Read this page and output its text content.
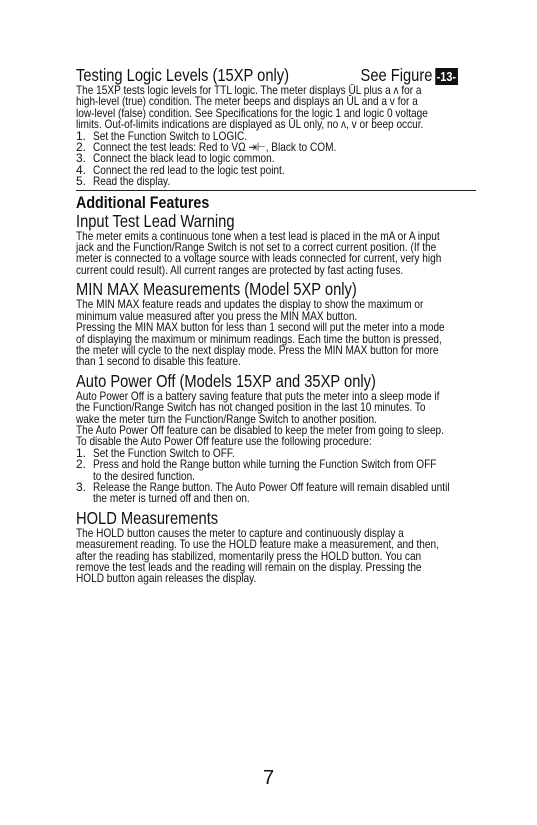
Testing Logic Levels (15XP only)	See Figure -13-
The 15XP tests logic levels for TTL logic. The meter displays ŪL plus a ʌ for a
high-level (true) condition. The meter beeps and displays an ŪL and a v for a
low-level (false) condition. See Specifications for the logic 1 and logic 0 voltage
limits. Out-of-limits indications are displayed as ŪL only, no ʌ, v or beep occur.
1. Set the Function Switch to LOGIC.
2. Connect the test leads: Red to VΩ ⇥⊢, Black to COM.
3. Connect the black lead to logic common.
4. Connect the red lead to the logic test point.
5. Read the display.
Additional Features
Input Test Lead Warning
The meter emits a continuous tone when a test lead is placed in the mA or A input
jack and the Function/Range Switch is not set to a correct current position. (If the
meter is connected to a voltage source with leads connected for current, very high
current could result). All current ranges are protected by fast acting fuses.
MIN MAX Measurements (Model 5XP only)
The MIN MAX feature reads and updates the display to show the maximum or
minimum value measured after you press the MIN MAX button.
Pressing the MIN MAX button for less than 1 second will put the meter into a mode
of displaying the maximum or minimum readings. Each time the button is pressed,
the meter will cycle to the next display mode. Press the MIN MAX button for more
than 1 second to disable this feature.
Auto Power Off (Models 15XP and 35XP only)
Auto Power Off is a battery saving feature that puts the meter into a sleep mode if
the Function/Range Switch has not changed position in the last 10 minutes. To
wake the meter turn the Function/Range Switch to another position.
The Auto Power Off feature can be disabled to keep the meter from going to sleep.
To disable the Auto Power Off feature use the following procedure:
1. Set the Function Switch to OFF.
2. Press and hold the Range button while turning the Function Switch from OFF
to the desired function.
3. Release the Range button. The Auto Power Off feature will remain disabled until
the meter is turned off and then on.
HOLD Measurements
The HOLD button causes the meter to capture and continuously display a
measurement reading. To use the HOLD feature make a measurement, and then,
after the reading has stabilized, momentarily press the HOLD button. You can
remove the test leads and the reading will remain on the display. Pressing the
HOLD button again releases the display.
7
